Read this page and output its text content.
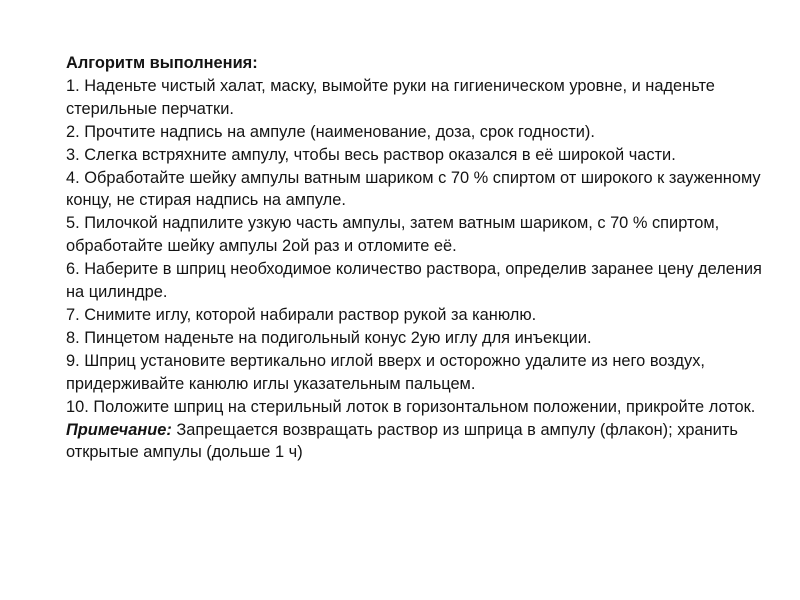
Алгоритм выполнения:

1. Наденьте чистый халат, маску, вымойте руки на гигиеническом уровне, и наденьте стерильные перчатки.
2. Прочтите надпись на ампуле (наименование, доза, срок годности).
3. Слегка встряхните ампулу, чтобы весь раствор оказался в её широкой части.
4. Обработайте шейку ампулы ватным шариком с 70 % спиртом от широкого к зауженному концу, не стирая надпись на ампуле.
5. Пилочкой надпилите узкую часть ампулы, затем ватным шариком, с 70 % спиртом, обработайте шейку ампулы 2ой раз и отломите её.
6. Наберите в шприц необходимое количество раствора, определив заранее цену деления на цилиндре.
7. Снимите иглу, которой набирали раствор рукой за канюлю.
8. Пинцетом наденьте на подигольный конус 2ую иглу для инъекции.
9. Шприц установите вертикально иглой вверх и осторожно удалите из него воздух, придерживайте канюлю иглы указательным пальцем.
10. Положите шприц на стерильный лоток в горизонтальном положении, прикройте лоток.

Примечание: Запрещается возвращать раствор из шприца в ампулу (флакон); хранить открытые ампулы (дольше 1 ч)
